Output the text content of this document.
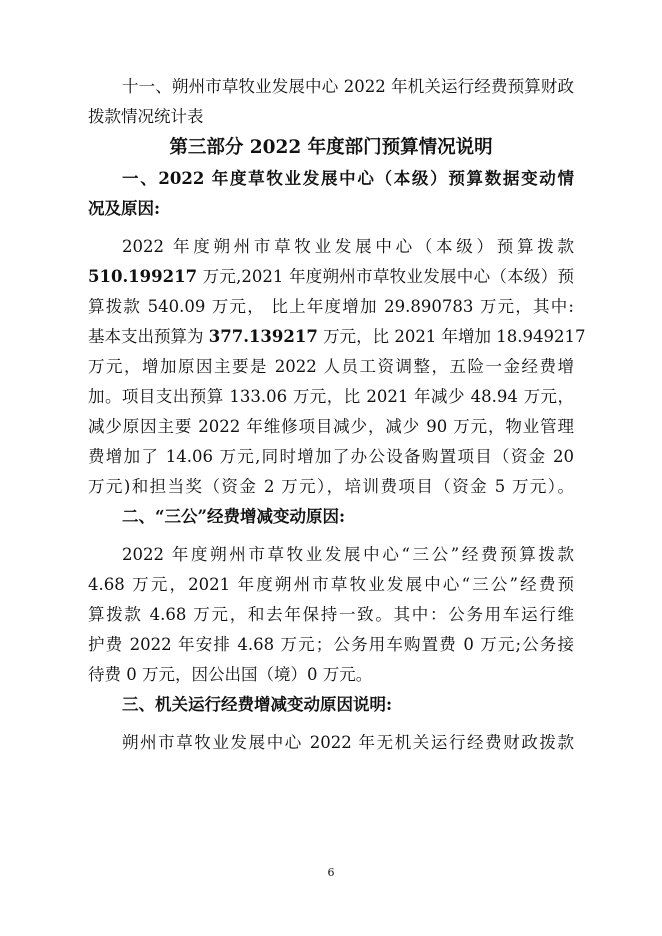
十一、朔州市草牧业发展中心 2022 年机关运行经费预算财政
拨款情况统计表
第三部分 2022 年度部门预算情况说明
一、2022 年度草牧业发展中心（本级）预算数据变动情
况及原因:
2022 年度朔州市草牧业发展中心（本级）预算拨款
510.199217 万元,2021 年度朔州市草牧业发展中心（本级）预
算拨款 540.09 万元， 比上年度增加 29.890783 万元，其中:
基本支出预算为 377.139217 万元，比 2021 年增加 18.949217
万元，增加原因主要是 2022 人员工资调整，五险一金经费增
加。项目支出预算 133.06 万元，比 2021 年减少 48.94 万元，
减少原因主要 2022 年维修项目减少，减少 90 万元，物业管理
费增加了 14.06 万元,同时增加了办公设备购置项目（资金 20
万元)和担当奖（资金 2 万元），培训费项目（资金 5 万元）。
二、“三公”经费增减变动原因:
2022 年度朔州市草牧业发展中心“三公”经费预算拨款
4.68 万元，2021 年度朔州市草牧业发展中心“三公”经费预
算拨款 4.68 万元，和去年保持一致。其中：公务用车运行维
护费 2022 年安排 4.68 万元；公务用车购置费 0 万元;公务接
待费 0 万元，因公出国（境）0 万元。
三、机关运行经费增减变动原因说明:
朔州市草牧业发展中心 2022 年无机关运行经费财政拨款
6
